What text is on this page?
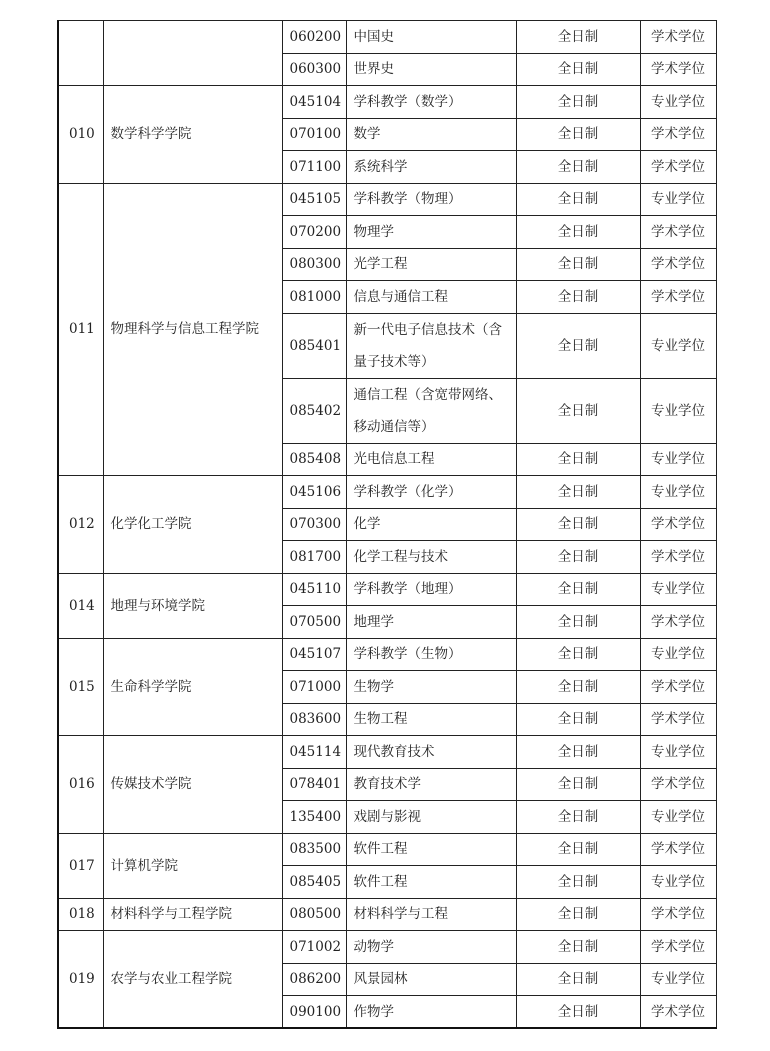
		060200	中国史	全日制	学术学位
		060300	世界史	全日制	学术学位
010	数学科学学院	045104	学科教学（数学）	全日制	专业学位
		070100	数学	全日制	学术学位
		071100	系统科学	全日制	学术学位
011	物理科学与信息工程学院	045105	学科教学（物理）	全日制	专业学位
		070200	物理学	全日制	学术学位
		080300	光学工程	全日制	学术学位
		081000	信息与通信工程	全日制	学术学位
		085401	新一代电子信息技术（含量子技术等）	全日制	专业学位
		085402	通信工程（含宽带网络、移动通信等）	全日制	专业学位
		085408	光电信息工程	全日制	专业学位
012	化学化工学院	045106	学科教学（化学）	全日制	专业学位
		070300	化学	全日制	学术学位
		081700	化学工程与技术	全日制	学术学位
014	地理与环境学院	045110	学科教学（地理）	全日制	专业学位
		070500	地理学	全日制	学术学位
015	生命科学学院	045107	学科教学（生物）	全日制	专业学位
		071000	生物学	全日制	学术学位
		083600	生物工程	全日制	学术学位
016	传媒技术学院	045114	现代教育技术	全日制	专业学位
		078401	教育技术学	全日制	学术学位
		135400	戏剧与影视	全日制	专业学位
017	计算机学院	083500	软件工程	全日制	学术学位
		085405	软件工程	全日制	专业学位
018	材料科学与工程学院	080500	材料科学与工程	全日制	学术学位
019	农学与农业工程学院	071002	动物学	全日制	学术学位
		086200	风景园林	全日制	专业学位
		090100	作物学	全日制	学术学位
